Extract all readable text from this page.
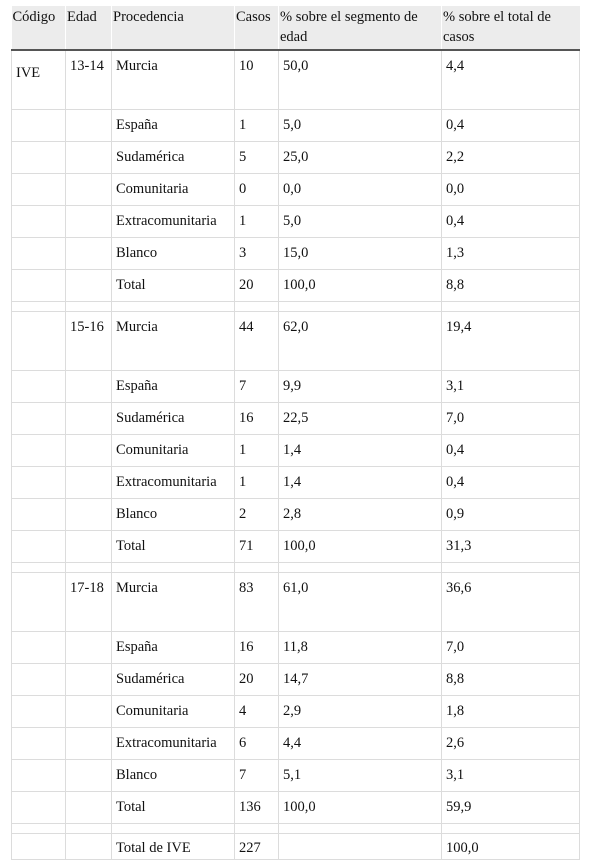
Código	Edad	Procedencia	Casos	% sobre el segmento de edad	% sobre el total de casos
IVE	13-14	Murcia	10	50,0	4,4
		España	1	5,0	0,4
		Sudamérica	5	25,0	2,2
		Comunitaria	0	0,0	0,0
		Extracomunitaria	1	5,0	0,4
		Blanco	3	15,0	1,3
		Total	20	100,0	8,8

	15-16	Murcia	44	62,0	19,4
		España	7	9,9	3,1
		Sudamérica	16	22,5	7,0
		Comunitaria	1	1,4	0,4
		Extracomunitaria	1	1,4	0,4
		Blanco	2	2,8	0,9
		Total	71	100,0	31,3

	17-18	Murcia	83	61,0	36,6
		España	16	11,8	7,0
		Sudamérica	20	14,7	8,8
		Comunitaria	4	2,9	1,8
		Extracomunitaria	6	4,4	2,6
		Blanco	7	5,1	3,1
		Total	136	100,0	59,9

		Total de IVE	227		100,0
